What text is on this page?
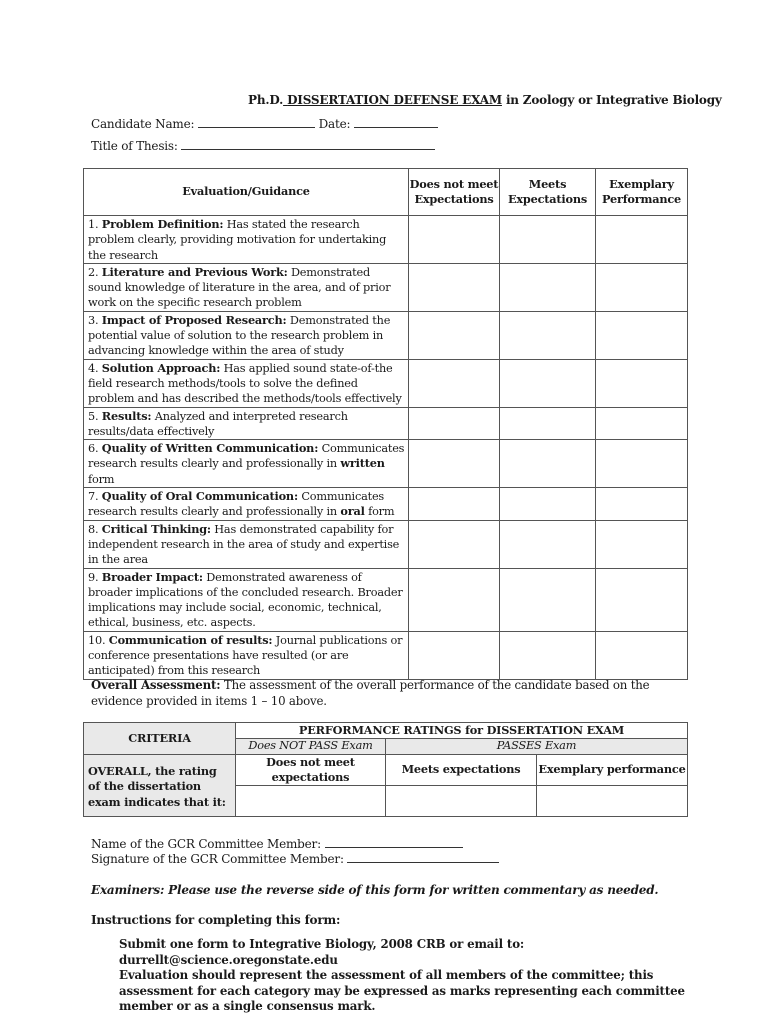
Ph.D. DISSERTATION DEFENSE EXAM in Zoology or Integrative Biology
Candidate Name:	Date:
Title of Thesis:
Evaluation/Guidance	Does not meet Expectations	Meets Expectations	Exemplary Performance
1. Problem Definition: Has stated the research problem clearly, providing motivation for undertaking the research			
2. Literature and Previous Work: Demonstrated sound knowledge of literature in the area, and of prior work on the specific research problem			
3. Impact of Proposed Research: Demonstrated the potential value of solution to the research problem in advancing knowledge within the area of study			
4. Solution Approach: Has applied sound state-of-the field research methods/tools to solve the defined problem and has described the methods/tools effectively			
5. Results: Analyzed and interpreted research results/data effectively			
6. Quality of Written Communication: Communicates research results clearly and professionally in written form			
7. Quality of Oral Communication: Communicates research results clearly and professionally in oral form			
8. Critical Thinking: Has demonstrated capability for independent research in the area of study and expertise in the area			
9. Broader Impact: Demonstrated awareness of broader implications of the concluded research. Broader implications may include social, economic, technical, ethical, business, etc. aspects.			
10. Communication of results: Journal publications or conference presentations have resulted (or are anticipated) from this research			
Overall Assessment: The assessment of the overall performance of the candidate based on the evidence provided in items 1 – 10 above.
CRITERIA	PERFORMANCE RATINGS for DISSERTATION EXAM		
	Does NOT PASS Exam	PASSES Exam	
OVERALL, the rating of the dissertation exam indicates that it:	Does not meet expectations	Meets expectations	Exemplary performance

Name of the GCR Committee Member:
Signature of the GCR Committee Member:
Examiners: Please use the reverse side of this form for written commentary as needed.
Instructions for completing this form:
Submit one form to Integrative Biology, 2008 CRB or email to: durrellt@science.oregonstate.edu
Evaluation should represent the assessment of all members of the committee; this assessment for each category may be expressed as marks representing each committee member or as a single consensus mark.
